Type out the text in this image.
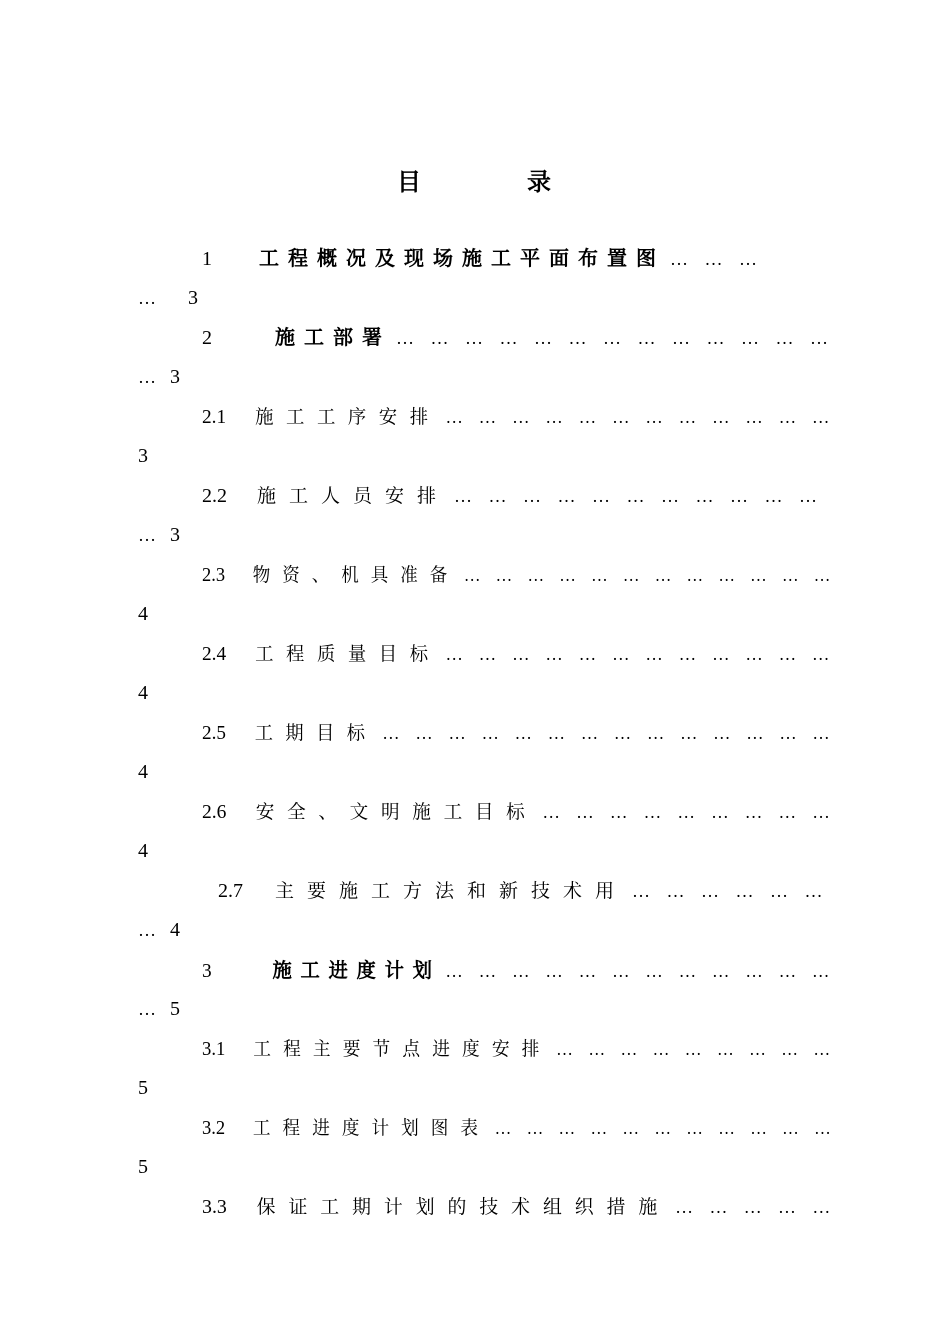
目	录
1 工程概况及现场施工平面布置图 … … …
… 3
2	施工部署 … … … … … … … … … … … … …
… 3
2.1 施工工序安排 … … … … … … … … … … … …
3
2.2 施工人员安排 … … … … … … … … … … …
… 3
2.3 物资、机具准备 … … … … … … … … … … … …
4
2.4 工程质量目标 … … … … … … … … … … … …
4
2.5 工期目标 … … … … … … … … … … … … … …
4
2.6 安全、文明施工目标 … … … … … … … … …
4
2.7 主要施工方法和新技术用 … … … … … …
… 4
3	施工进度计划 … … … … … … … … … … … …
… 5
3.1 工程主要节点进度安排 … … … … … … … … …
5
3.2 工程进度计划图表 … … … … … … … … … … …
5
3.3 保证工期计划的技术组织措施 … … … … …
